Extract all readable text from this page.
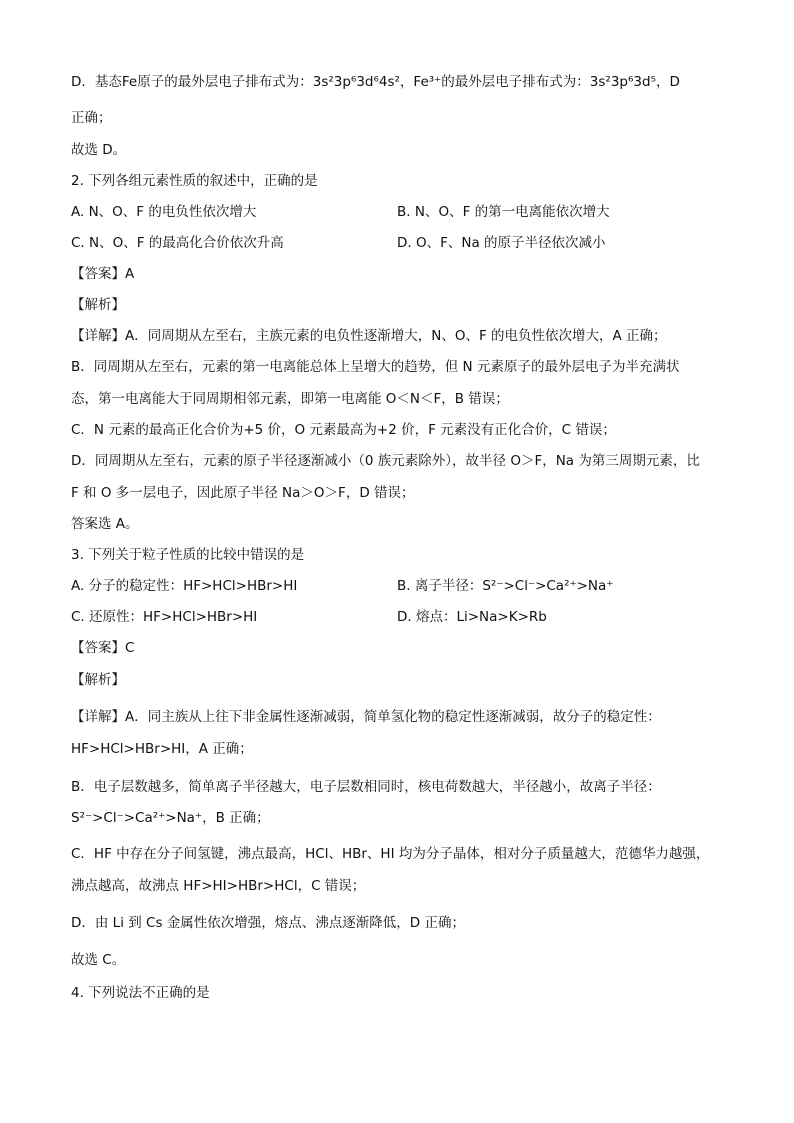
D．基态Fe原子的最外层电子排布式为：3s²3p⁶3d⁶4s²，Fe³⁺的最外层电子排布式为：3s²3p⁶3d⁵，D
正确；
故选 D。
2. 下列各组元素性质的叙述中，正确的是
A. N、O、F 的电负性依次增大	B. N、O、F 的第一电离能依次增大
C. N、O、F 的最高化合价依次升高	D. O、F、Na 的原子半径依次减小
【答案】A
【解析】
【详解】A．同周期从左至右，主族元素的电负性逐渐增大，N、O、F 的电负性依次增大，A 正确；
B．同周期从左至右，元素的第一电离能总体上呈增大的趋势，但 N 元素原子的最外层电子为半充满状
态，第一电离能大于同周期相邻元素，即第一电离能 O＜N＜F，B 错误；
C．N 元素的最高正化合价为+5 价，O 元素最高为+2 价，F 元素没有正化合价，C 错误；
D．同周期从左至右，元素的原子半径逐渐减小（0 族元素除外），故半径 O＞F，Na 为第三周期元素，比
F 和 O 多一层电子，因此原子半径 Na＞O＞F，D 错误；
答案选 A。
3. 下列关于粒子性质的比较中错误的是
A. 分子的稳定性：HF>HCl>HBr>HI	B. 离子半径：S²⁻>Cl⁻>Ca²⁺>Na⁺
C. 还原性：HF>HCl>HBr>HI	D. 熔点：Li>Na>K>Rb
【答案】C
【解析】
【详解】A．同主族从上往下非金属性逐渐减弱，简单氢化物的稳定性逐渐减弱，故分子的稳定性：
HF>HCl>HBr>HI，A 正确；
B．电子层数越多，简单离子半径越大，电子层数相同时，核电荷数越大，半径越小，故离子半径：
S²⁻>Cl⁻>Ca²⁺>Na⁺，B 正确；
C．HF 中存在分子间氢键，沸点最高，HCl、HBr、HI 均为分子晶体，相对分子质量越大，范德华力越强，
沸点越高，故沸点 HF>HI>HBr>HCl，C 错误；
D．由 Li 到 Cs 金属性依次增强，熔点、沸点逐渐降低，D 正确；
故选 C。
4. 下列说法不正确的是
